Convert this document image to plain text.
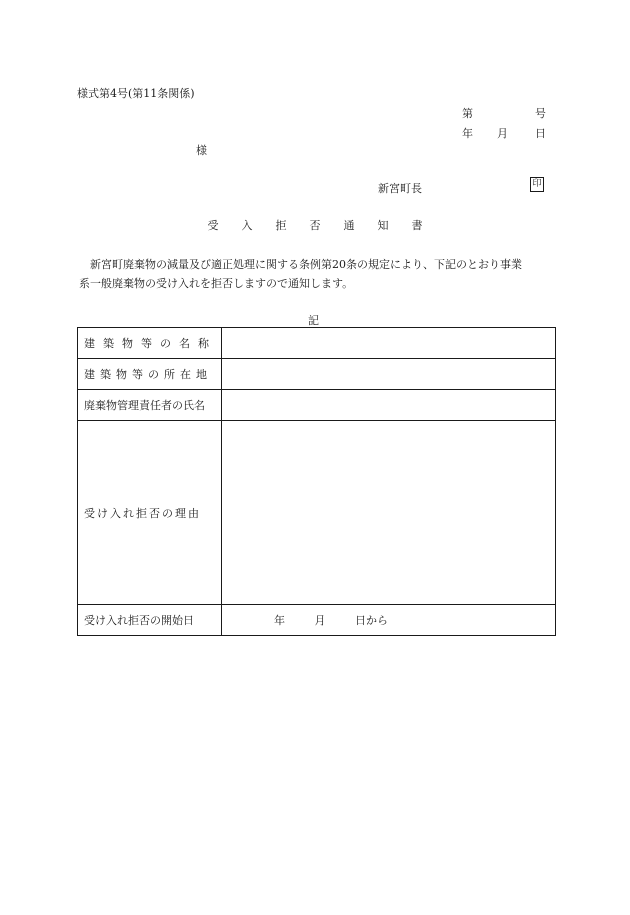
様式第4号(第11条関係)
第	号
年 月 日
様
新宮町長	印
受	入	拒	否	通	知	書

新宮町廃棄物の減量及び適正処理に関する条例第20条の規定により、下記のとおり事業

系一般廃棄物の受け入れを拒否しますので通知します。
記
建 築 物 等 の 名 称	
建 築 物 等 の 所 在 地	
廃棄物管理責任者の氏名	
受 け 入 れ 拒 否 の 理 由	
受け入れ拒否の開始日	年 月 日から
